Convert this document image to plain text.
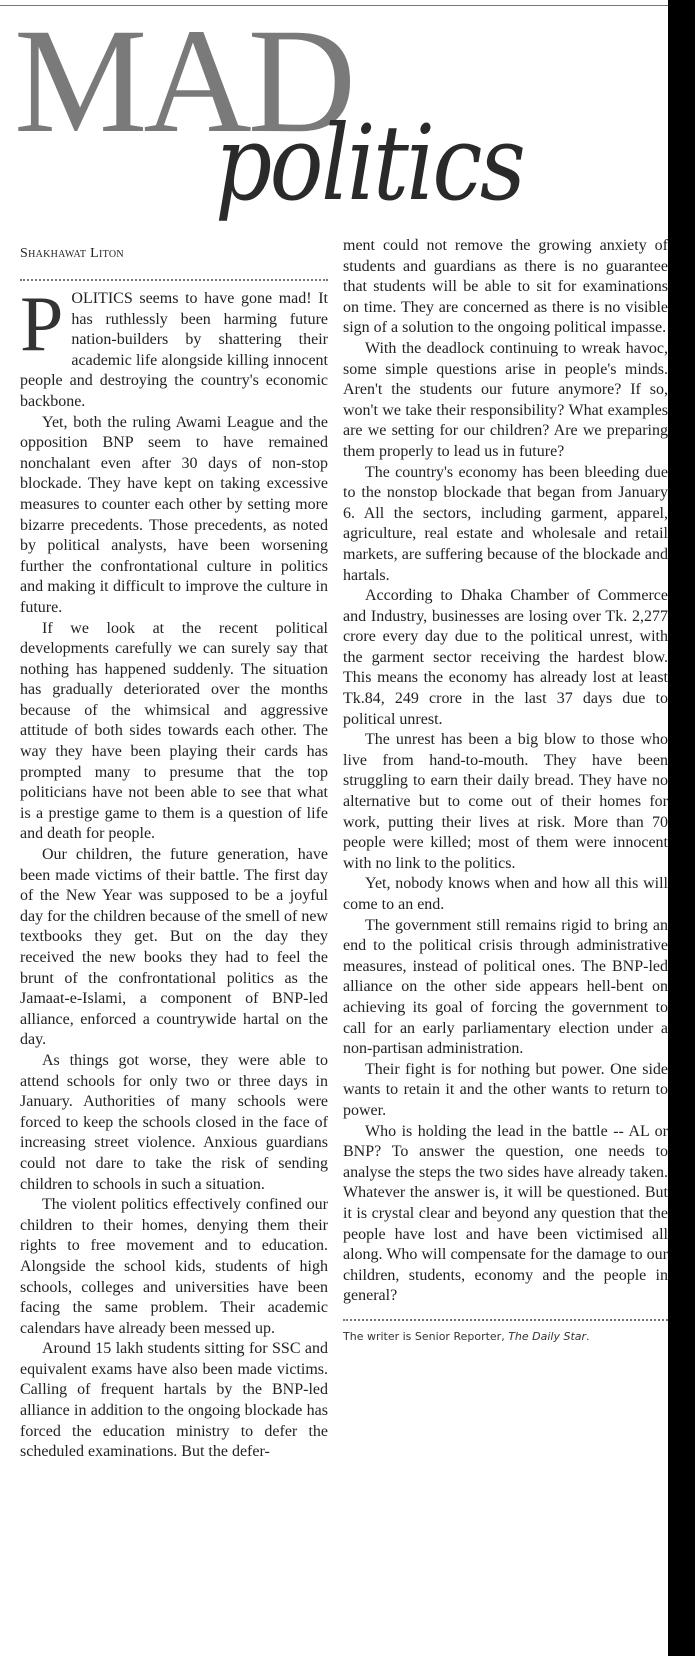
MAD
politics
Shakhawat Liton

POLITICS seems to have gone mad! It has ruthlessly been harming future nation-builders by shattering their academic life alongside killing innocent people and destroying the country's economic backbone.

Yet, both the ruling Awami League and the opposition BNP seem to have remained nonchalant even after 30 days of non-stop blockade. They have kept on taking excessive measures to counter each other by setting more bizarre precedents. Those precedents, as noted by political analysts, have been worsening further the confrontational culture in politics and making it difficult to improve the culture in future.

If we look at the recent political developments carefully we can surely say that nothing has happened suddenly. The situation has gradually deteriorated over the months because of the whimsical and aggressive attitude of both sides towards each other. The way they have been playing their cards has prompted many to presume that the top politicians have not been able to see that what is a prestige game to them is a question of life and death for people.

Our children, the future generation, have been made victims of their battle. The first day of the New Year was supposed to be a joyful day for the children because of the smell of new textbooks they get. But on the day they received the new books they had to feel the brunt of the confrontational politics as the Jamaat-e-Islami, a component of BNP-led alliance, enforced a countrywide hartal on the day.

As things got worse, they were able to attend schools for only two or three days in January. Authorities of many schools were forced to keep the schools closed in the face of increasing street violence. Anxious guardians could not dare to take the risk of sending children to schools in such a situation.

The violent politics effectively confined our children to their homes, denying them their rights to free movement and to education. Alongside the school kids, students of high schools, colleges and universities have been facing the same problem. Their academic calendars have already been messed up.

Around 15 lakh students sitting for SSC and equivalent exams have also been made victims. Calling of frequent hartals by the BNP-led alliance in addition to the ongoing blockade has forced the education ministry to defer the scheduled examinations. But the defer-

ment could not remove the growing anxiety of students and guardians as there is no guarantee that students will be able to sit for examinations on time. They are concerned as there is no visible sign of a solution to the ongoing political impasse.

With the deadlock continuing to wreak havoc, some simple questions arise in people's minds. Aren't the students our future anymore? If so, won't we take their responsibility? What examples are we setting for our children? Are we preparing them properly to lead us in future?

The country's economy has been bleeding due to the nonstop blockade that began from January 6. All the sectors, including garment, apparel, agriculture, real estate and wholesale and retail markets, are suffering because of the blockade and hartals.

According to Dhaka Chamber of Commerce and Industry, businesses are losing over Tk. 2,277 crore every day due to the political unrest, with the garment sector receiving the hardest blow. This means the economy has already lost at least Tk.84, 249 crore in the last 37 days due to political unrest.

The unrest has been a big blow to those who live from hand-to-mouth. They have been struggling to earn their daily bread. They have no alternative but to come out of their homes for work, putting their lives at risk. More than 70 people were killed; most of them were innocent with no link to the politics.

Yet, nobody knows when and how all this will come to an end.

The government still remains rigid to bring an end to the political crisis through administrative measures, instead of political ones. The BNP-led alliance on the other side appears hell-bent on achieving its goal of forcing the government to call for an early parliamentary election under a non-partisan administration.

Their fight is for nothing but power. One side wants to retain it and the other wants to return to power.

Who is holding the lead in the battle -- AL or BNP? To answer the question, one needs to analyse the steps the two sides have already taken. Whatever the answer is, it will be questioned. But it is crystal clear and beyond any question that the people have lost and have been victimised all along. Who will compensate for the damage to our children, students, economy and the people in general?

The writer is Senior Reporter, The Daily Star.
